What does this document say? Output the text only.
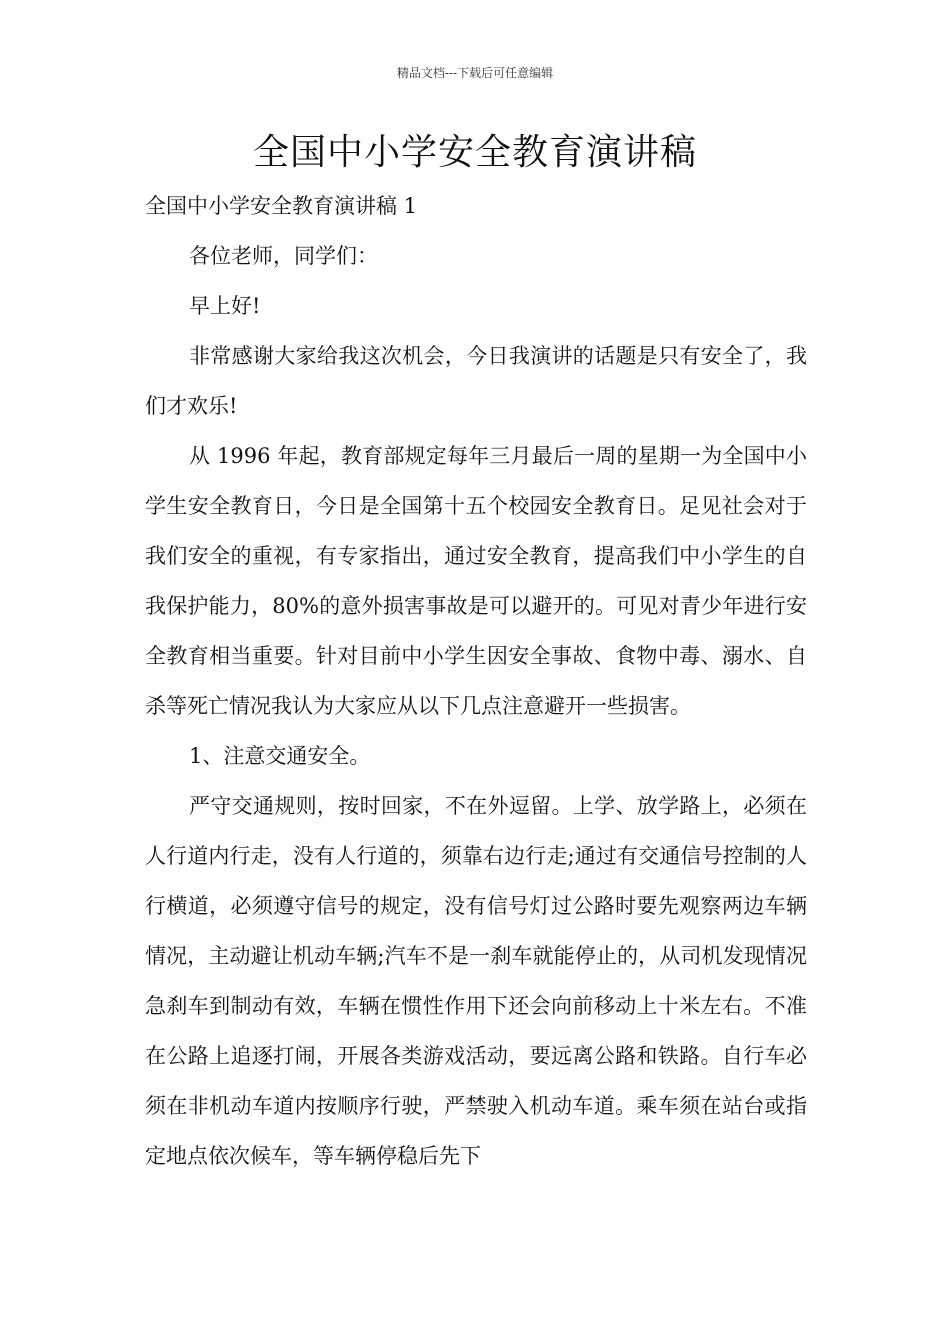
精品文档---下载后可任意编辑
全国中小学安全教育演讲稿

全国中小学安全教育演讲稿 1

各位老师，同学们：

早上好!

非常感谢大家给我这次机会，今日我演讲的话题是只有安全了，我们才欢乐!

从 1996 年起，教育部规定每年三月最后一周的星期一为全国中小学生安全教育日，今日是全国第十五个校园安全教育日。足见社会对于我们安全的重视，有专家指出，通过安全教育，提高我们中小学生的自我保护能力，80%的意外损害事故是可以避开的。可见对青少年进行安全教育相当重要。针对目前中小学生因安全事故、食物中毒、溺水、自杀等死亡情况我认为大家应从以下几点注意避开一些损害。

1、注意交通安全。

严守交通规则，按时回家，不在外逗留。上学、放学路上，必须在人行道内行走，没有人行道的，须靠右边行走;通过有交通信号控制的人行横道，必须遵守信号的规定，没有信号灯过公路时要先观察两边车辆情况，主动避让机动车辆;汽车不是一刹车就能停止的，从司机发现情况急刹车到制动有效，车辆在惯性作用下还会向前移动上十米左右。不准在公路上追逐打闹，开展各类游戏活动，要远离公路和铁路。自行车必须在非机动车道内按顺序行驶，严禁驶入机动车道。乘车须在站台或指定地点依次候车，等车辆停稳后先下
